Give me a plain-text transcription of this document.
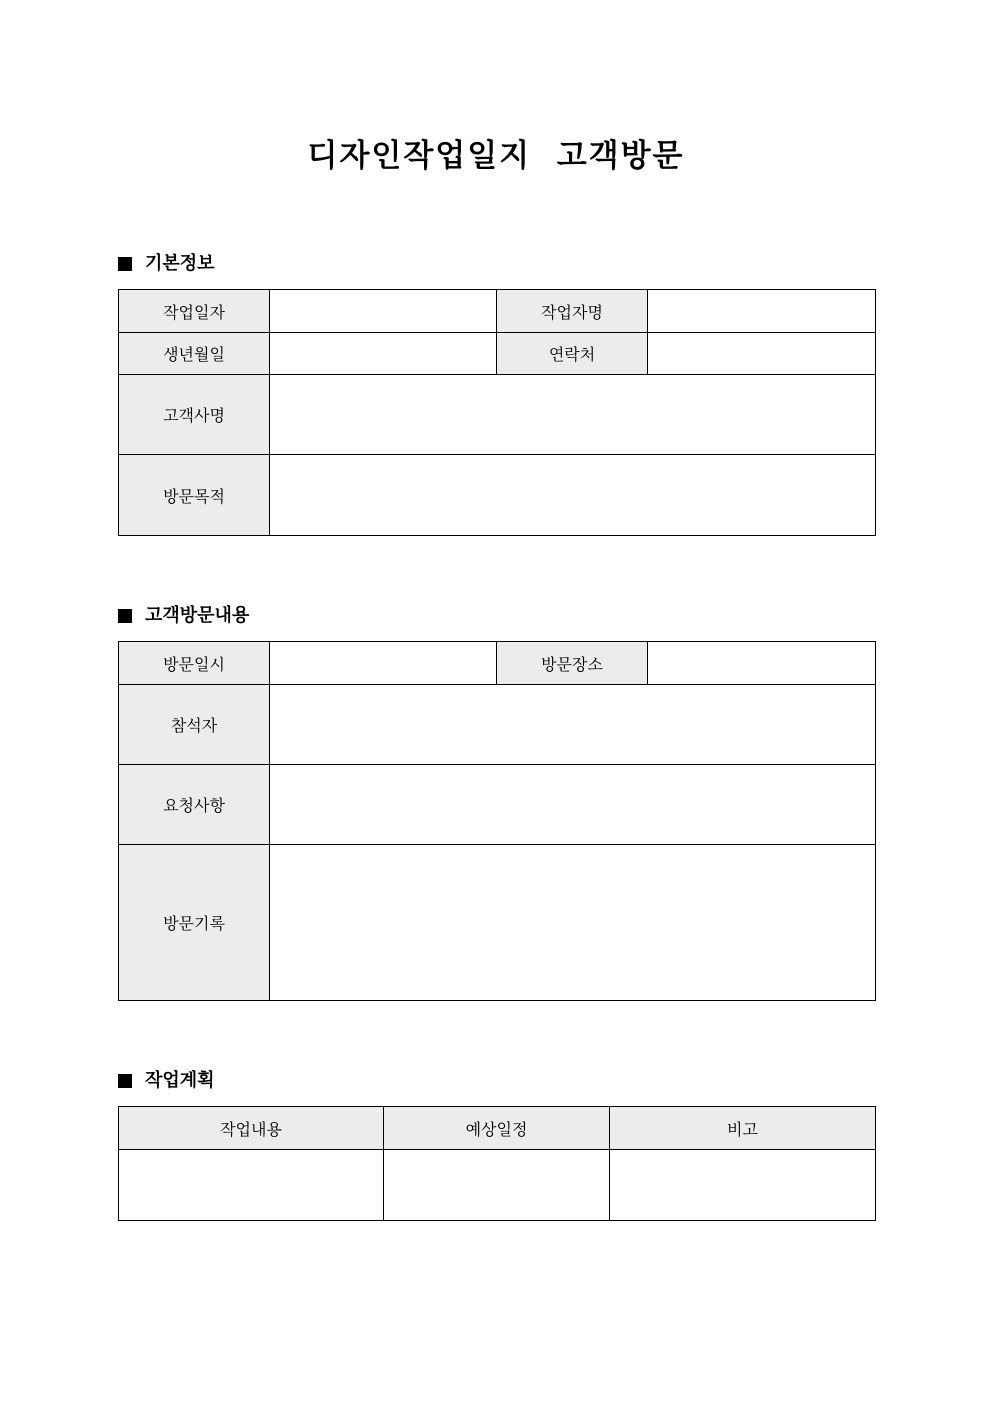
디자인작업일지  고객방문
기본정보
작업일자		작업자명	
생년월일		연락처	
고객사명			
방문목적			
고객방문내용
방문일시		방문장소	
참석자			
요청사항			
방문기록			
작업계획
작업내용	예상일정	비고
